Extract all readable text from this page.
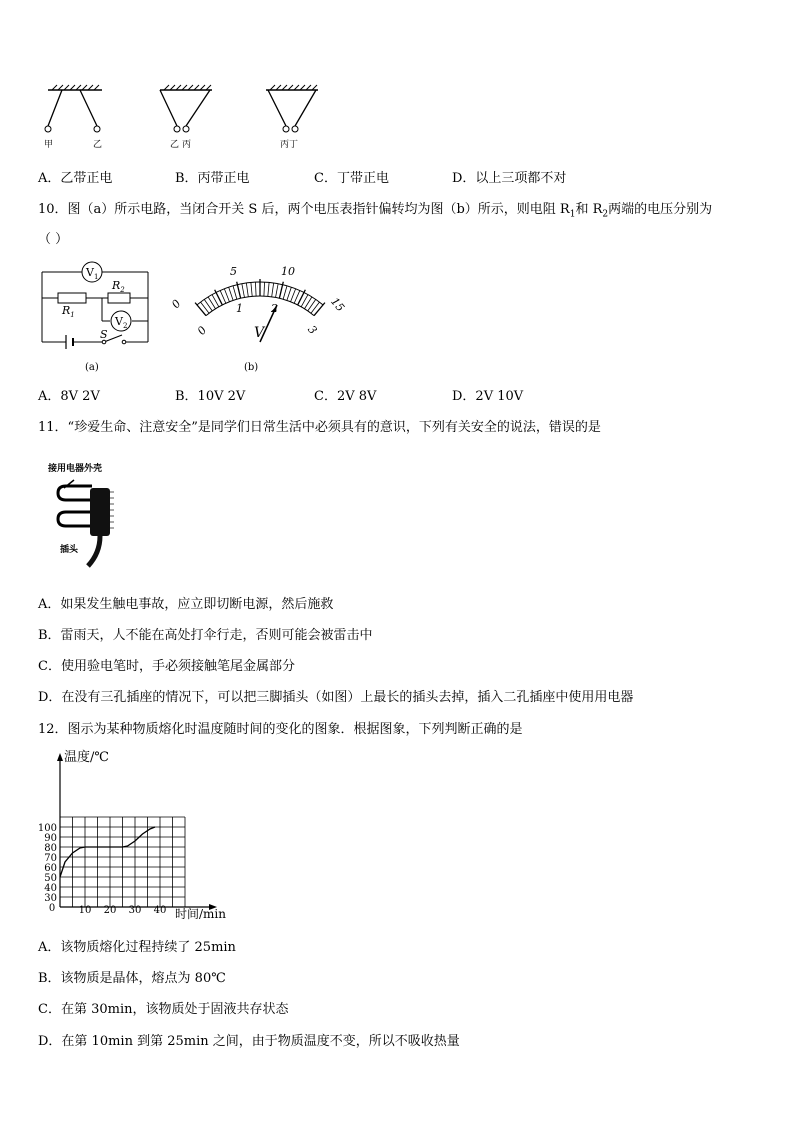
甲	乙	乙 丙	丙丁
A．乙带正电	B．丙带正电	C．丁带正电	D．以上三项都不对
10．图（a）所示电路，当闭合开关 S 后，两个电压表指针偏转均为图（b）所示，则电阻 $R_1$和 $R_2$两端的电压分别为
（ ）
$V_1$
$V_2$
$R_1$
$R_2$
S
(a)
5	10
0	15
0
1	2
3
V
(b)
A．8V 2V	B．10V 2V	C．2V 8V	D．2V 10V
11．“珍爱生命、注意安全”是同学们日常生活中必须具有的意识，下列有关安全的说法，错误的是
接用电器外壳
插头
A．如果发生触电事故，应立即切断电源，然后施救
B．雷雨天，人不能在高处打伞行走，否则可能会被雷击中
C．使用验电笔时，手必须接触笔尾金属部分
D．在没有三孔插座的情况下，可以把三脚插头（如图）上最长的插头去掉，插入二孔插座中使用用电器
12．图示为某种物质熔化时温度随时间的变化的图象．根据图象，下列判断正确的是
30
40
50
60
70
80
90
100
0 10 20 30 40
温度/℃
时间/min
A．该物质熔化过程持续了 25min
B．该物质是晶体，熔点为 80℃
C．在第 30min，该物质处于固液共存状态
D．在第 10min 到第 25min 之间，由于物质温度不变，所以不吸收热量
